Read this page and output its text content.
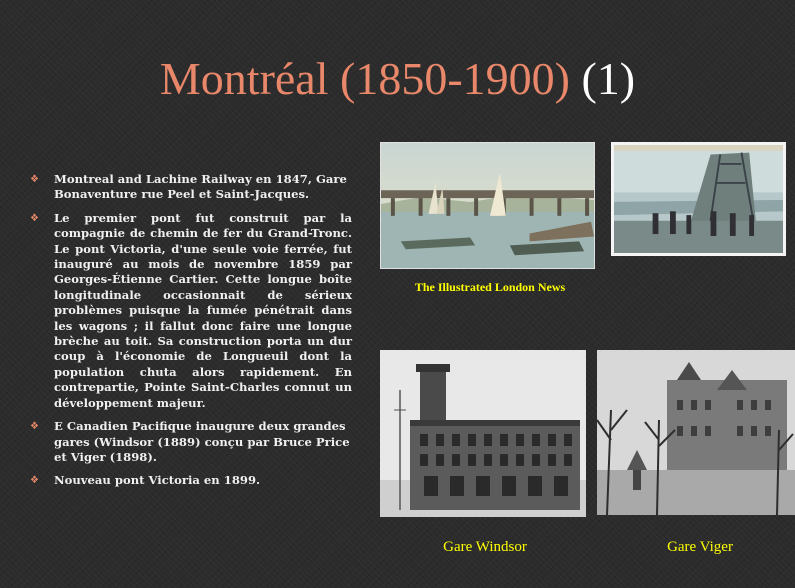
Montréal (1850-1900) (1)
❖ Montreal and Lachine Railway en 1847, Gare Bonaventure rue Peel et Saint-Jacques.
❖ Le premier pont fut construit par la compagnie de chemin de fer du Grand-Tronc. Le pont Victoria, d'une seule voie ferrée, fut inauguré au mois de novembre 1859 par Georges-Étienne Cartier. Cette longue boîte longitudinale occasionnait de sérieux problèmes puisque la fumée pénétrait dans les wagons ; il fallut donc faire une longue brèche au toit. Sa construction porta un dur coup à l'économie de Longueuil dont la population chuta alors rapidement. En contrepartie, Pointe Saint-Charles connut un développement majeur.
❖ E Canadien Pacifique inaugure deux grandes gares (Windsor (1889) conçu par Bruce Price et Viger (1898).
❖ Nouveau pont Victoria en 1899.
The Illustrated London News
Gare Windsor	Gare Viger
